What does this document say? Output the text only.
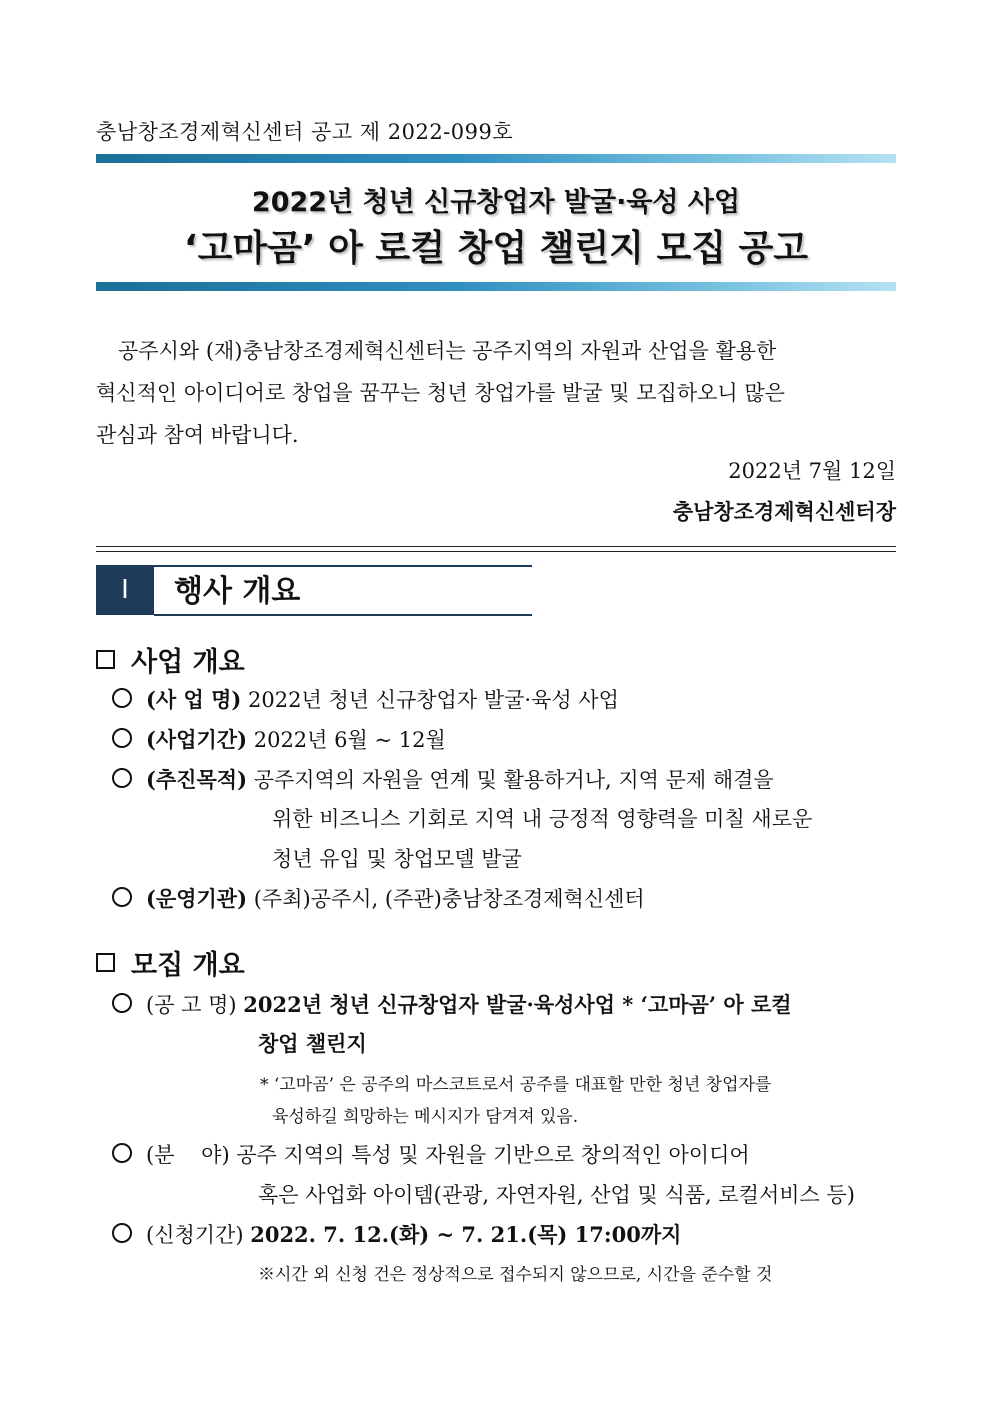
충남창조경제혁신센터 공고 제 2022-099호
2022년 청년 신규창업자 발굴·육성 사업
‘고마곰’ 아 로컬 창업 챌린지 모집 공고
공주시와 (재)충남창조경제혁신센터는 공주지역의 자원과 산업을 활용한
혁신적인 아이디어로 창업을 꿈꾸는 청년 창업가를 발굴 및 모집하오니 많은
관심과 참여 바랍니다.
2022년 7월 12일
충남창조경제혁신센터장
Ⅰ	행사 개요
사업 개요
(사 업 명) 2022년 청년 신규창업자 발굴·육성 사업
(사업기간) 2022년 6월 ~ 12월
(추진목적) 공주지역의 자원을 연계 및 활용하거나, 지역 문제 해결을
위한 비즈니스 기회로 지역 내 긍정적 영향력을 미칠 새로운
청년 유입 및 창업모델 발굴
(운영기관) (주최)공주시, (주관)충남창조경제혁신센터
모집 개요
(공 고 명) 2022년 청년 신규창업자 발굴·육성사업 * ‘고마곰’ 아 로컬
창업 챌린지
* ‘고마곰’ 은 공주의 마스코트로서 공주를 대표할 만한 청년 창업자를
육성하길 희망하는 메시지가 담겨져 있음.
(분    야) 공주 지역의 특성 및 자원을 기반으로 창의적인 아이디어
혹은 사업화 아이템(관광, 자연자원, 산업 및 식품, 로컬서비스 등)
(신청기간) 2022. 7. 12.(화) ~ 7. 21.(목) 17:00까지
※시간 외 신청 건은 정상적으로 접수되지 않으므로, 시간을 준수할 것
